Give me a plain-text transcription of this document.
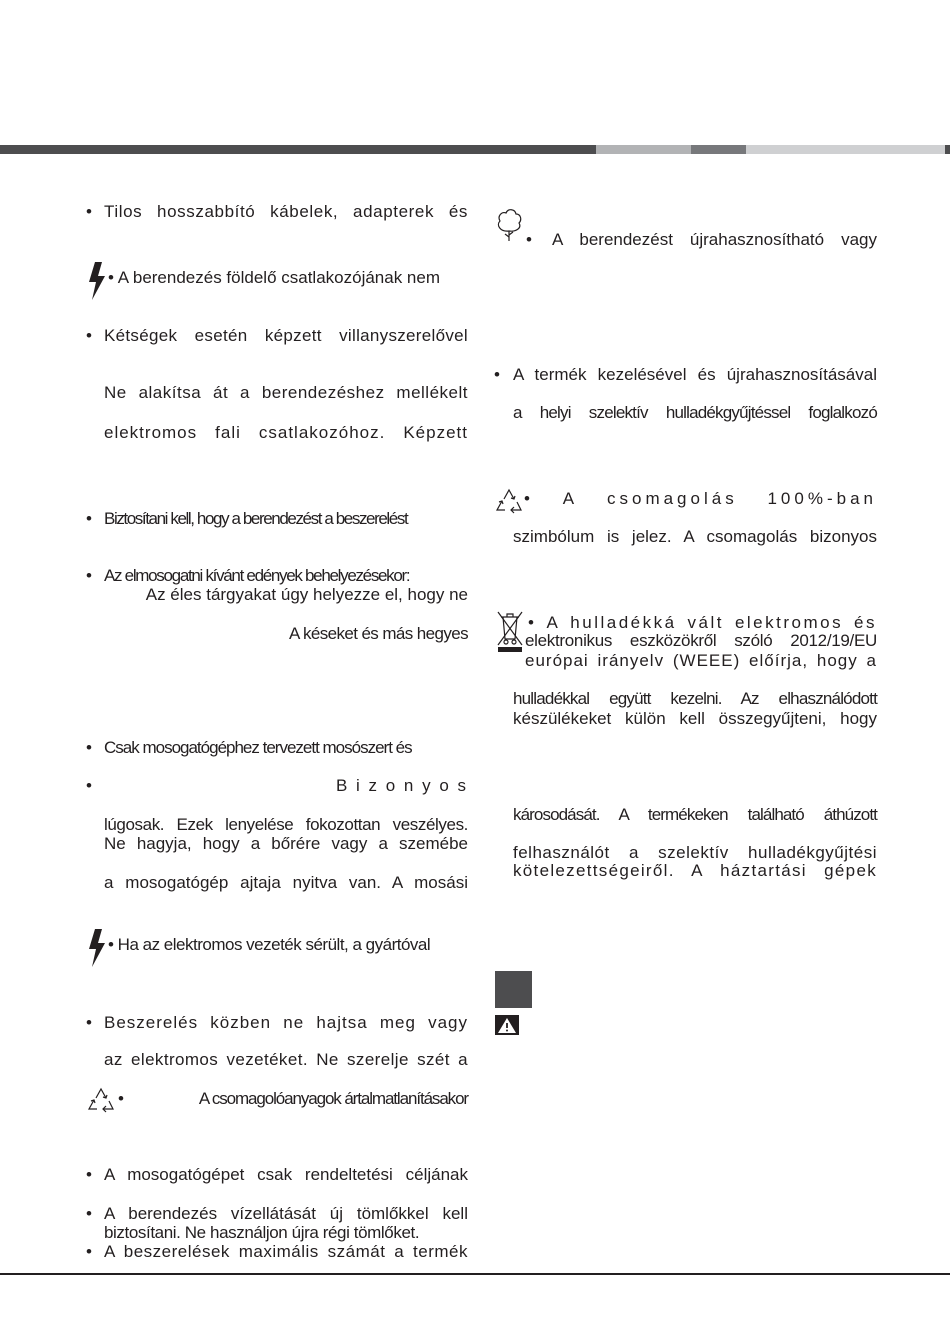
• Tilos hosszabbító kábelek, adapterek és
• A berendezés földelő csatlakozójának nem
• Kétségek esetén képzett villanyszerelővel
Ne alakítsa át a berendezéshez mellékelt
elektromos fali csatlakozóhoz. Képzett
• Biztosítani kell, hogy a berendezést a beszerelést
• Az elmosogatni kívánt edények behelyezésekor:
Az éles tárgyakat úgy helyezze el, hogy ne
A késeket és más hegyes
• Csak mosogatógéphez tervezett mosószert és
•	B i z o n y o s
lúgosak. Ezek lenyelése fokozottan veszélyes.
Ne hagyja, hogy a bőrére vagy a szemébe
a mosogatógép ajtaja nyitva van. A mosási
• Ha az elektromos vezeték sérült, a gyártóval
• Beszerelés közben ne hajtsa meg vagy
az elektromos vezetéket. Ne szerelje szét a
•	A csomagolóanyagok ártalmatlanításakor
• A mosogatógépet csak rendeltetési céljának
• A berendezés vízellátását új tömlőkkel kell
biztosítani. Ne használjon újra régi tömlőket.
• A beszerelések maximális számát a termék
• A berendezést újrahasznosítható vagy
• A termék kezelésével és újrahasznosításával
a helyi szelektív hulladékgyűjtéssel foglalkozó
• A csomagolás 100%-ban
szimbólum is jelez. A csomagolás bizonyos
• A hulladékká vált elektromos és
elektronikus eszközökről szóló 2012/19/EU
európai irányelv (WEEE) előírja, hogy a
hulladékkal együtt kezelni. Az elhasználódott
készülékeket külön kell összegyűjteni, hogy
károsodását. A termékeken található áthúzott
felhasználót a szelektív hulladékgyűjtési
kötelezettségeiről. A háztartási gépek
